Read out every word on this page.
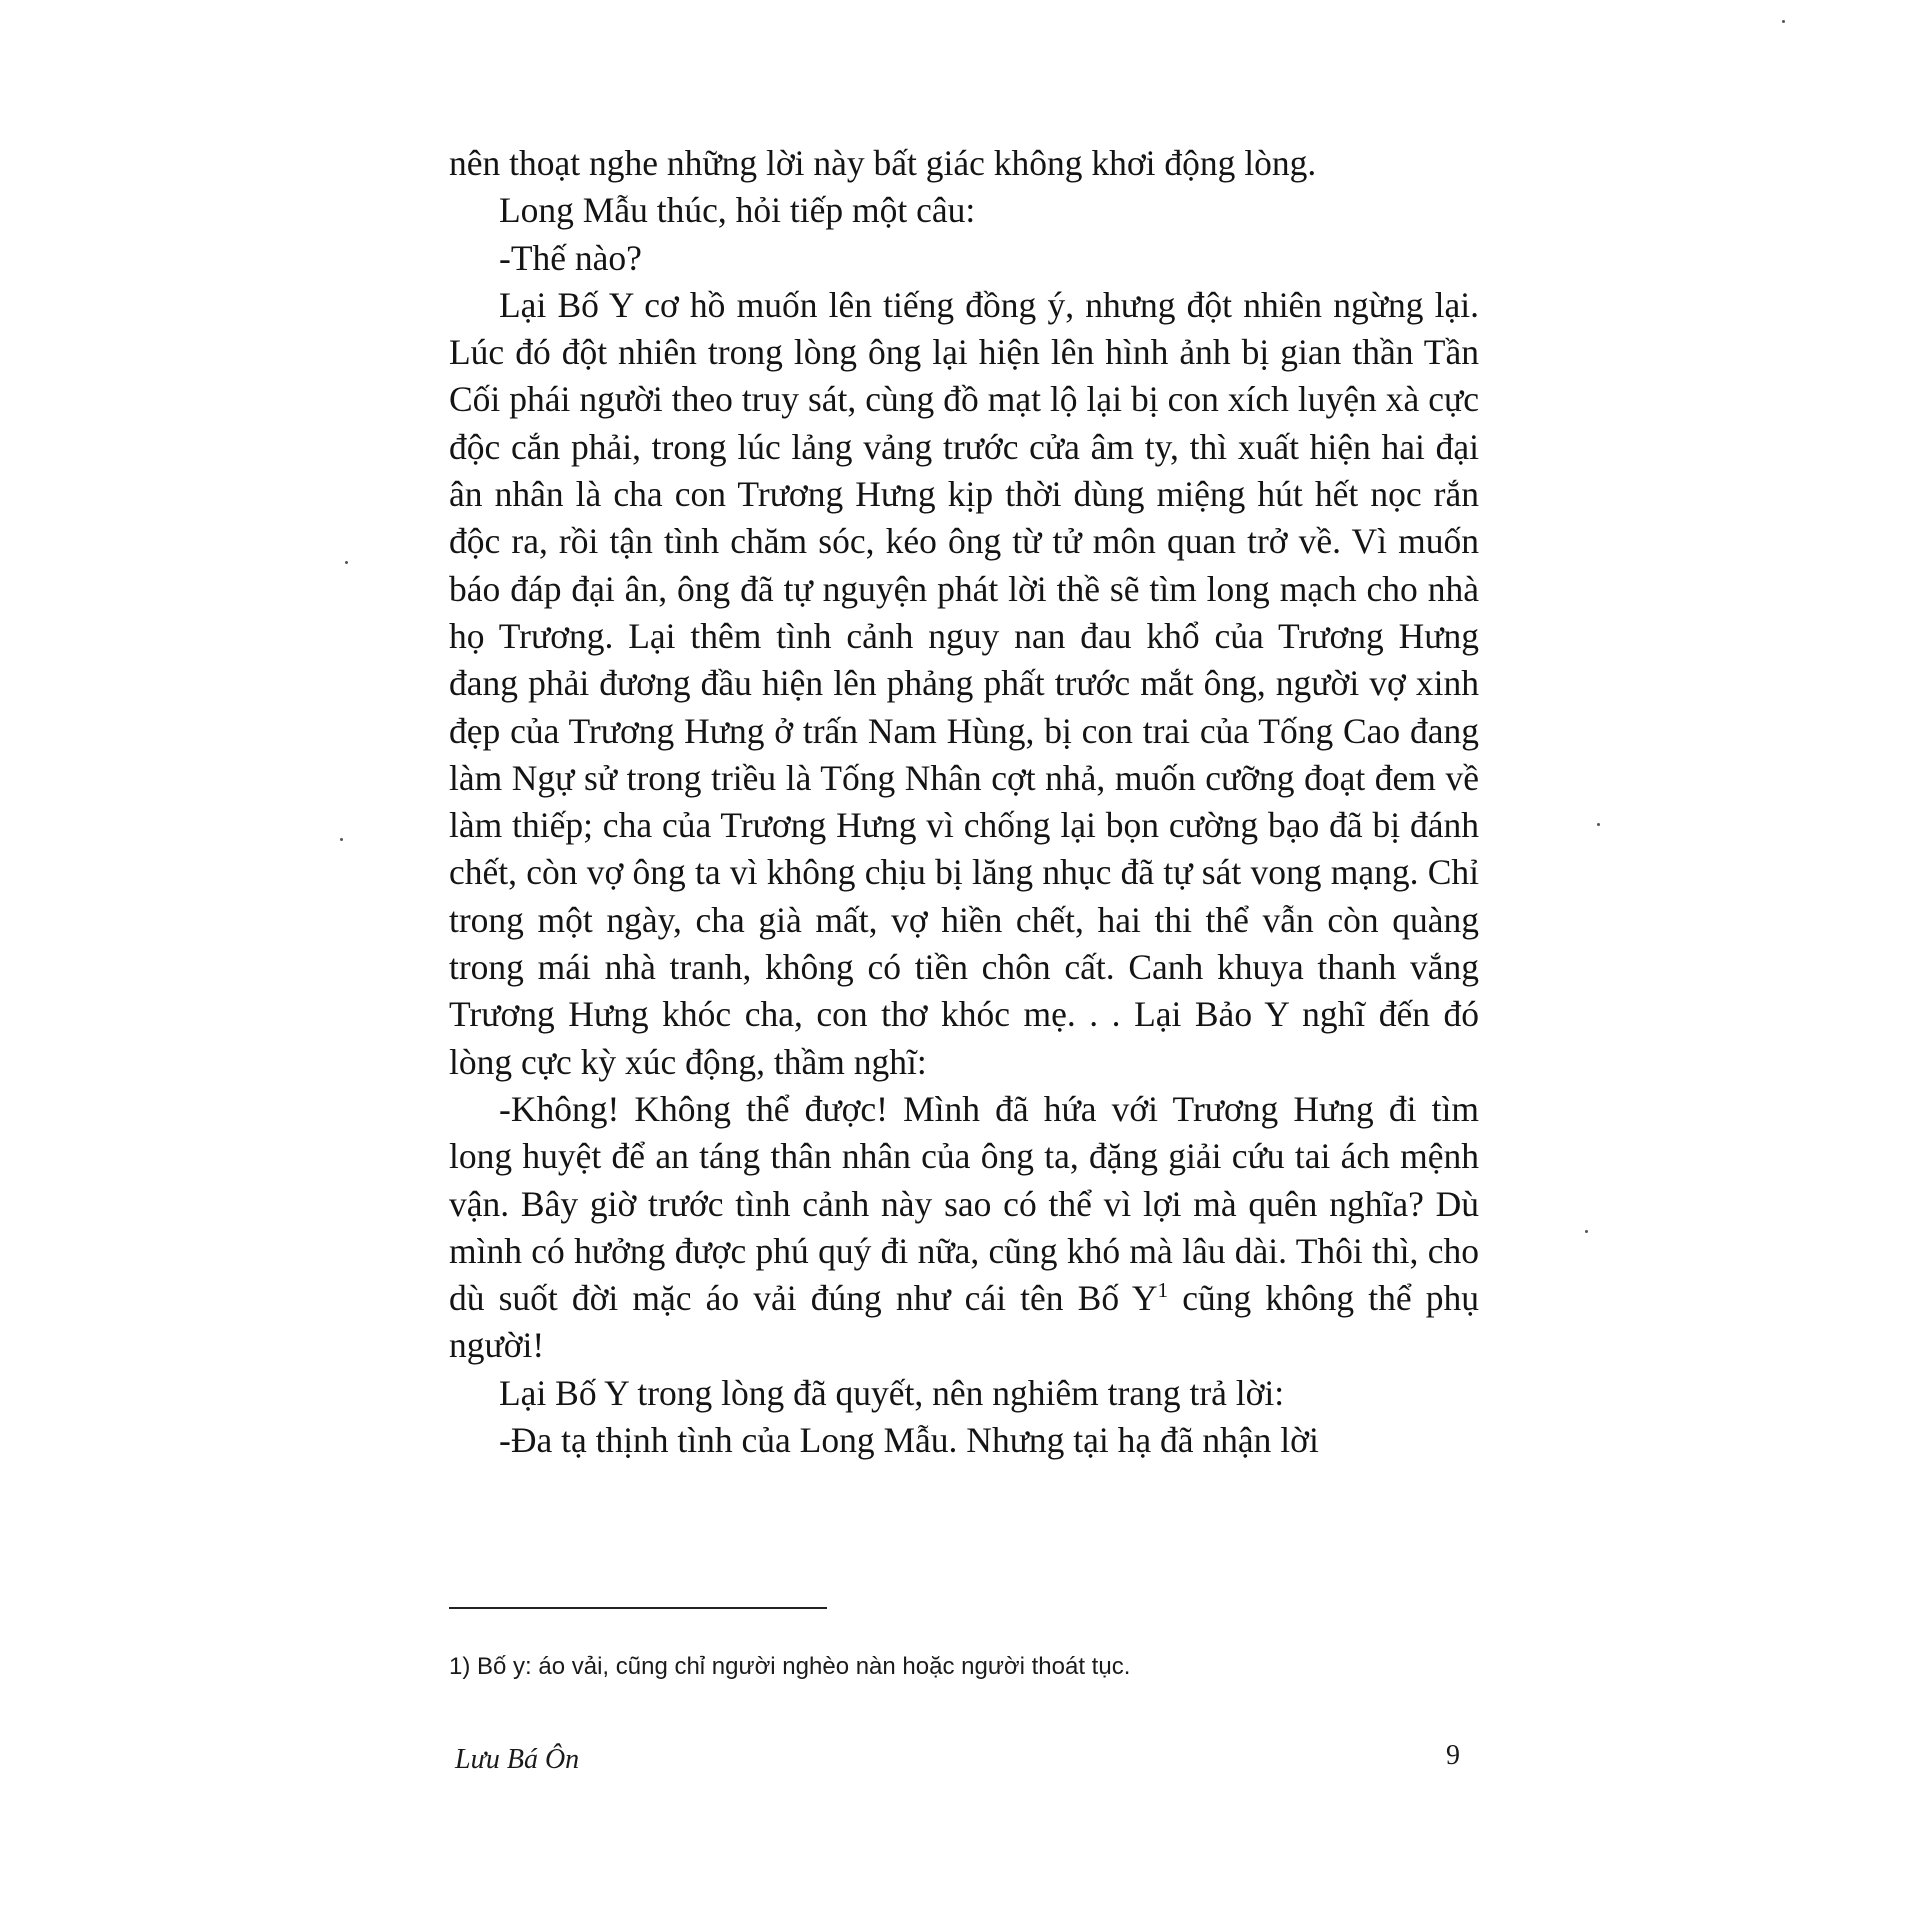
nên thoạt nghe những lời này bất giác không khơi động lòng.

Long Mẫu thúc, hỏi tiếp một câu:

-Thế nào?

Lại Bố Y cơ hồ muốn lên tiếng đồng ý, nhưng đột nhiên ngừng lại. Lúc đó đột nhiên trong lòng ông lại hiện lên hình ảnh bị gian thần Tần Cối phái người theo truy sát, cùng đồ mạt lộ lại bị con xích luyện xà cực độc cắn phải, trong lúc lảng vảng trước cửa âm ty, thì xuất hiện hai đại ân nhân là cha con Trương Hưng kịp thời dùng miệng hút hết nọc rắn độc ra, rồi tận tình chăm sóc, kéo ông từ tử môn quan trở về. Vì muốn báo đáp đại ân, ông đã tự nguyện phát lời thề sẽ tìm long mạch cho nhà họ Trương. Lại thêm tình cảnh nguy nan đau khổ của Trương Hưng đang phải đương đầu hiện lên phảng phất trước mắt ông, người vợ xinh đẹp của Trương Hưng ở trấn Nam Hùng, bị con trai của Tống Cao đang làm Ngự sử trong triều là Tống Nhân cợt nhả, muốn cưỡng đoạt đem về làm thiếp; cha của Trương Hưng vì chống lại bọn cường bạo đã bị đánh chết, còn vợ ông ta vì không chịu bị lăng nhục đã tự sát vong mạng. Chỉ trong một ngày, cha già mất, vợ hiền chết, hai thi thể vẫn còn quàng trong mái nhà tranh, không có tiền chôn cất. Canh khuya thanh vắng Trương Hưng khóc cha, con thơ khóc mẹ. . . Lại Bảo Y nghĩ đến đó lòng cực kỳ xúc động, thầm nghĩ:

-Không! Không thể được! Mình đã hứa với Trương Hưng đi tìm long huyệt để an táng thân nhân của ông ta, đặng giải cứu tai ách mệnh vận. Bây giờ trước tình cảnh này sao có thể vì lợi mà quên nghĩa? Dù mình có hưởng được phú quý đi nữa, cũng khó mà lâu dài. Thôi thì, cho dù suốt đời mặc áo vải đúng như cái tên Bố $Y^1$ cũng không thể phụ người!

Lại Bố Y trong lòng đã quyết, nên nghiêm trang trả lời:

-Đa tạ thịnh tình của Long Mẫu. Nhưng tại hạ đã nhận lời

1) Bố y: áo vải, cũng chỉ người nghèo nàn hoặc người thoát tục.
Lưu Bá Ôn	9
